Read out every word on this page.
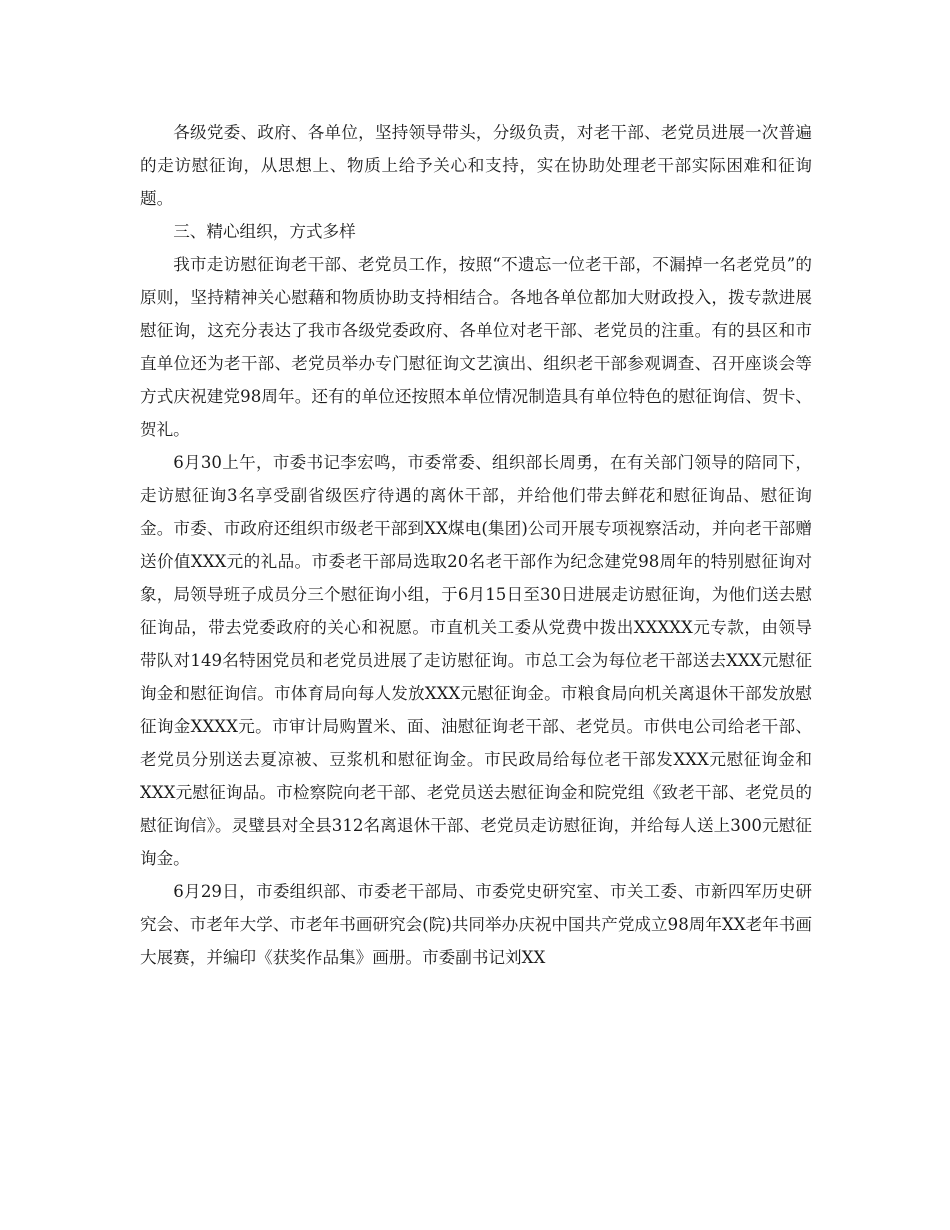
各级党委、政府、各单位，坚持领导带头，分级负责，对老干部、老党员进展一次普遍的走访慰征询，从思想上、物质上给予关心和支持，实在协助处理老干部实际困难和征询题。

三、精心组织，方式多样

我市走访慰征询老干部、老党员工作，按照“不遗忘一位老干部，不漏掉一名老党员”的原则，坚持精神关心慰藉和物质协助支持相结合。各地各单位都加大财政投入，拨专款进展慰征询，这充分表达了我市各级党委政府、各单位对老干部、老党员的注重。有的县区和市直单位还为老干部、老党员举办专门慰征询文艺演出、组织老干部参观调查、召开座谈会等方式庆祝建党98周年。还有的单位还按照本单位情况制造具有单位特色的慰征询信、贺卡、贺礼。

6月30上午，市委书记李宏鸣，市委常委、组织部长周勇，在有关部门领导的陪同下，走访慰征询3名享受副省级医疗待遇的离休干部，并给他们带去鲜花和慰征询品、慰征询金。市委、市政府还组织市级老干部到XX煤电(集团)公司开展专项视察活动，并向老干部赠送价值XXX元的礼品。市委老干部局选取20名老干部作为纪念建党98周年的特别慰征询对象，局领导班子成员分三个慰征询小组，于6月15日至30日进展走访慰征询，为他们送去慰征询品，带去党委政府的关心和祝愿。市直机关工委从党费中拨出XXXXX元专款，由领导带队对149名特困党员和老党员进展了走访慰征询。市总工会为每位老干部送去XXX元慰征询金和慰征询信。市体育局向每人发放XXX元慰征询金。市粮食局向机关离退休干部发放慰征询金XXXX元。市审计局购置米、面、油慰征询老干部、老党员。市供电公司给老干部、老党员分别送去夏凉被、豆浆机和慰征询金。市民政局给每位老干部发XXX元慰征询金和XXX元慰征询品。市检察院向老干部、老党员送去慰征询金和院党组《致老干部、老党员的慰征询信》。灵璧县对全县312名离退休干部、老党员走访慰征询，并给每人送上300元慰征询金。

6月29日，市委组织部、市委老干部局、市委党史研究室、市关工委、市新四军历史研究会、市老年大学、市老年书画研究会(院)共同举办庆祝中国共产党成立98周年XX老年书画大展赛，并编印《获奖作品集》画册。市委副书记刘XX
